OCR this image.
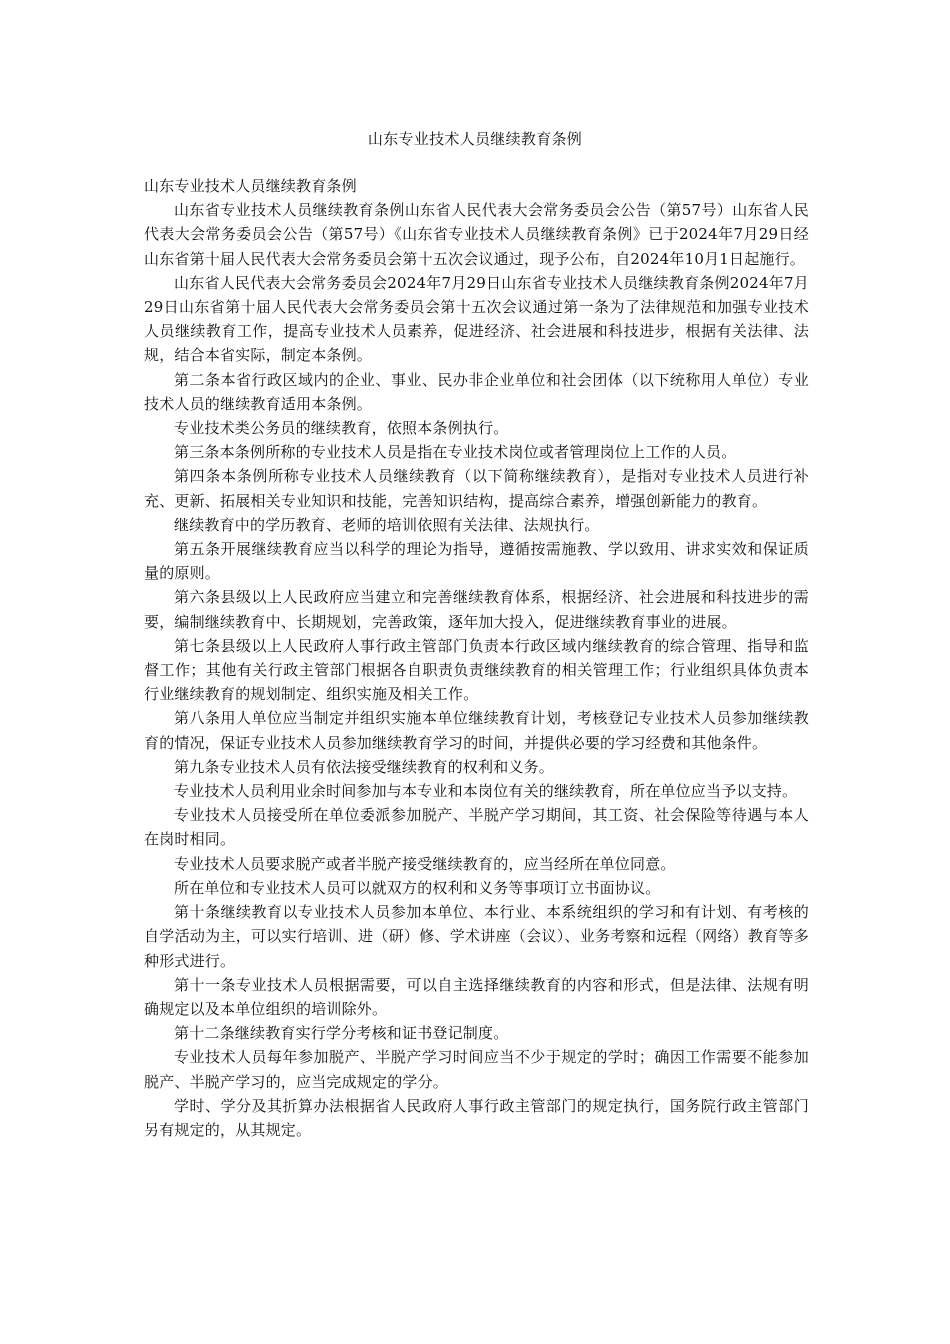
山东专业技术人员继续教育条例

山东专业技术人员继续教育条例

山东省专业技术人员继续教育条例山东省人民代表大会常务委员会公告（第57号）山东省人民代表大会常务委员会公告（第57号）《山东省专业技术人员继续教育条例》已于2024年7月29日经山东省第十届人民代表大会常务委员会第十五次会议通过，现予公布，自2024年10月1日起施行。

山东省人民代表大会常务委员会2024年7月29日山东省专业技术人员继续教育条例2024年7月29日山东省第十届人民代表大会常务委员会第十五次会议通过第一条为了法律规范和加强专业技术人员继续教育工作，提高专业技术人员素养，促进经济、社会进展和科技进步，根据有关法律、法规，结合本省实际，制定本条例。

第二条本省行政区域内的企业、事业、民办非企业单位和社会团体（以下统称用人单位）专业技术人员的继续教育适用本条例。

专业技术类公务员的继续教育，依照本条例执行。

第三条本条例所称的专业技术人员是指在专业技术岗位或者管理岗位上工作的人员。

第四条本条例所称专业技术人员继续教育（以下简称继续教育），是指对专业技术人员进行补充、更新、拓展相关专业知识和技能，完善知识结构，提高综合素养，增强创新能力的教育。

继续教育中的学历教育、老师的培训依照有关法律、法规执行。

第五条开展继续教育应当以科学的理论为指导，遵循按需施教、学以致用、讲求实效和保证质量的原则。

第六条县级以上人民政府应当建立和完善继续教育体系，根据经济、社会进展和科技进步的需要，编制继续教育中、长期规划，完善政策，逐年加大投入，促进继续教育事业的进展。

第七条县级以上人民政府人事行政主管部门负责本行政区域内继续教育的综合管理、指导和监督工作；其他有关行政主管部门根据各自职责负责继续教育的相关管理工作；行业组织具体负责本行业继续教育的规划制定、组织实施及相关工作。

第八条用人单位应当制定并组织实施本单位继续教育计划，考核登记专业技术人员参加继续教育的情况，保证专业技术人员参加继续教育学习的时间，并提供必要的学习经费和其他条件。

第九条专业技术人员有依法接受继续教育的权利和义务。

专业技术人员利用业余时间参加与本专业和本岗位有关的继续教育，所在单位应当予以支持。

专业技术人员接受所在单位委派参加脱产、半脱产学习期间，其工资、社会保险等待遇与本人在岗时相同。

专业技术人员要求脱产或者半脱产接受继续教育的，应当经所在单位同意。

所在单位和专业技术人员可以就双方的权利和义务等事项订立书面协议。

第十条继续教育以专业技术人员参加本单位、本行业、本系统组织的学习和有计划、有考核的自学活动为主，可以实行培训、进（研）修、学术讲座（会议）、业务考察和远程（网络）教育等多种形式进行。

第十一条专业技术人员根据需要，可以自主选择继续教育的内容和形式，但是法律、法规有明确规定以及本单位组织的培训除外。

第十二条继续教育实行学分考核和证书登记制度。

专业技术人员每年参加脱产、半脱产学习时间应当不少于规定的学时；确因工作需要不能参加脱产、半脱产学习的，应当完成规定的学分。

学时、学分及其折算办法根据省人民政府人事行政主管部门的规定执行，国务院行政主管部门另有规定的，从其规定。
